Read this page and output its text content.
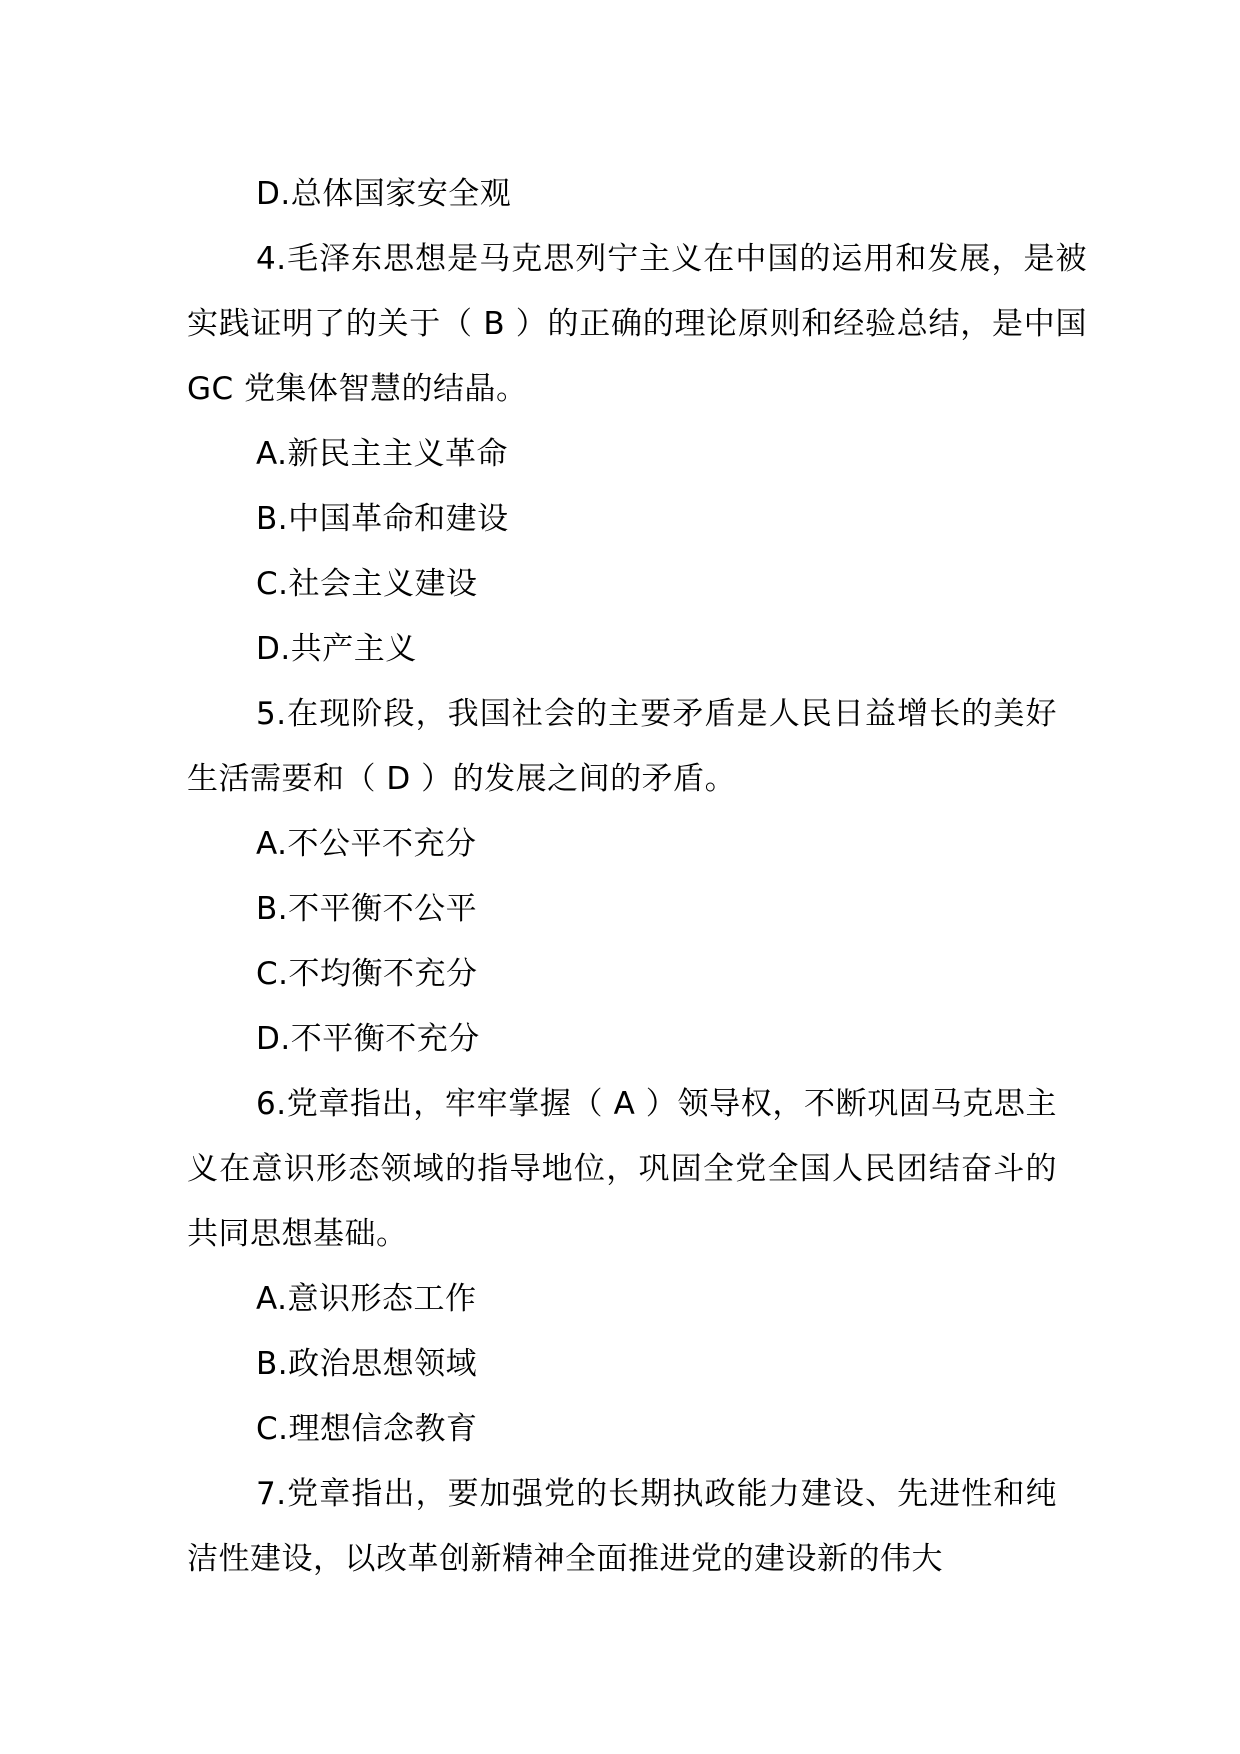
D.总体国家安全观

4.毛泽东思想是马克思列宁主义在中国的运用和发展，是被实践证明了的关于（ B ）的正确的理论原则和经验总结，是中国 GC 党集体智慧的结晶。

A.新民主主义革命

B.中国革命和建设

C.社会主义建设

D.共产主义

5.在现阶段，我国社会的主要矛盾是人民日益增长的美好生活需要和（ D ）的发展之间的矛盾。

A.不公平不充分

B.不平衡不公平

C.不均衡不充分

D.不平衡不充分

6.党章指出，牢牢掌握（ A ）领导权，不断巩固马克思主义在意识形态领域的指导地位，巩固全党全国人民团结奋斗的共同思想基础。

A.意识形态工作

B.政治思想领域

C.理想信念教育

7.党章指出，要加强党的长期执政能力建设、先进性和纯洁性建设，以改革创新精神全面推进党的建设新的伟大
